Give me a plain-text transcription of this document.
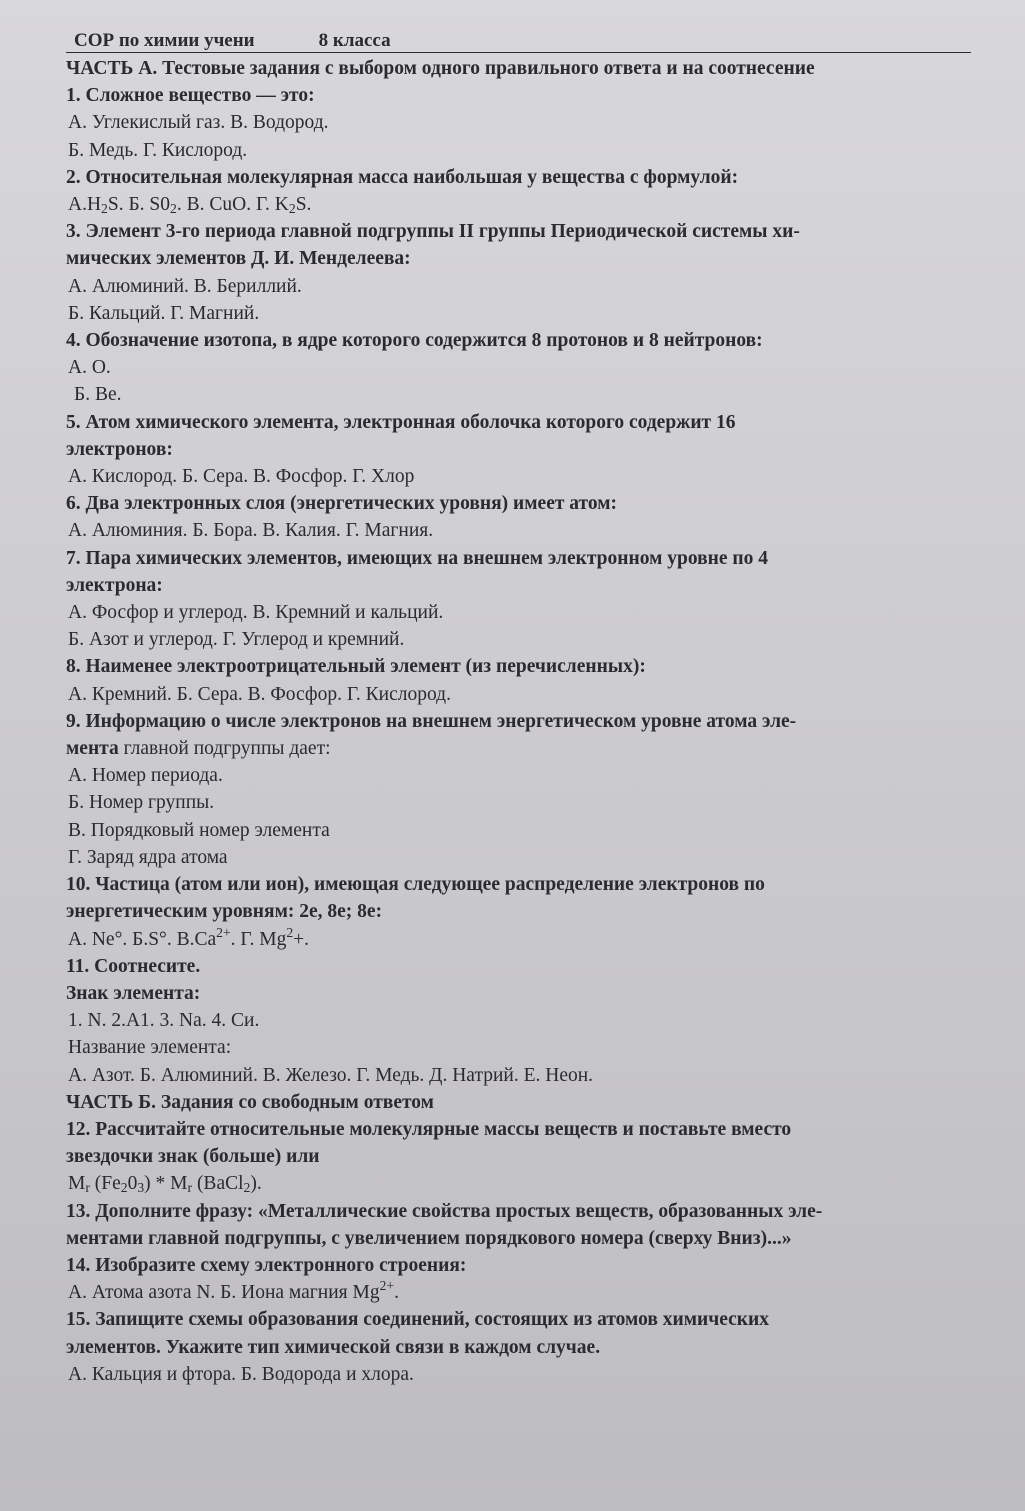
СОР по химии учени	8 класса
ЧАСТЬ А. Тестовые задания с выбором одного правильного ответа и на соотнесение
1. Сложное вещество — это:
А. Углекислый газ. В. Водород.
Б. Медь. Г. Кислород.
2. Относительная молекулярная масса наибольшая у вещества с формулой:
$А.H_2S$. Б. $S0_2$. В. CuO. Г. $K_2S$.
3. Элемент 3-го периода главной подгруппы II группы Периодической системы хи-
мических элементов Д. И. Менделеева:
А. Алюминий. В. Бериллий.
Б. Кальций. Г. Магний.
4. Обозначение изотопа, в ядре которого содержится 8 протонов и 8 нейтронов:
А. О.
Б. Ве.
5. Атом химического элемента, электронная оболочка которого содержит 16
электронов:
А. Кислород. Б. Сера. В. Фосфор. Г. Хлор
6. Два электронных слоя (энергетических уровня) имеет атом:
А. Алюминия. Б. Бора. В. Калия. Г. Магния.
7. Пара химических элементов, имеющих на внешнем электронном уровне по 4
электрона:
А. Фосфор и углерод. В. Кремний и кальций.
Б. Азот и углерод. Г. Углерод и кремний.
8. Наименее электроотрицательный элемент (из перечисленных):
А. Кремний. Б. Сера. В. Фосфор. Г. Кислород.
9. Информацию о числе электронов на внешнем энергетическом уровне атома эле-
мента главной подгруппы дает:
А. Номер периода.
Б. Номер группы.
В. Порядковый номер элемента
Г. Заряд ядра атома
10. Частица (атом или ион), имеющая следующее распределение электронов по
энергетическим уровням: 2е, 8е; 8е:
А. Ne°. Б.S°. $В.Ca^{2+}$. Г. $Mg^2+$.
11. Соотнесите.
Знак элемента:
1. N. 2.A1. 3. Na. 4. Си.
Название элемента:
А. Азот. Б. Алюминий. В. Железо. Г. Медь. Д. Натрий. Е. Неон.
ЧАСТЬ Б. Задания со свободным ответом
12. Рассчитайте относительные молекулярные массы веществ и поставьте вместо
звездочки знак (больше) или
$M_r$ $(Fe_20_3) * M_r$ (BaCl$_2$).
13. Дополните фразу: «Металлические свойства простых веществ, образованных эле-
ментами главной подгруппы, с увеличением порядкового номера (сверху Вниз)...»
14. Изобразите схему электронного строения:
А. Атома азота N. Б. Иона магния $Mg^{2+}$.
15. Запищите схемы образования соединений, состоящих из атомов химических
элементов. Укажите тип химической связи в каждом случае.
А. Кальция и фтора. Б. Водорода и хлора.
